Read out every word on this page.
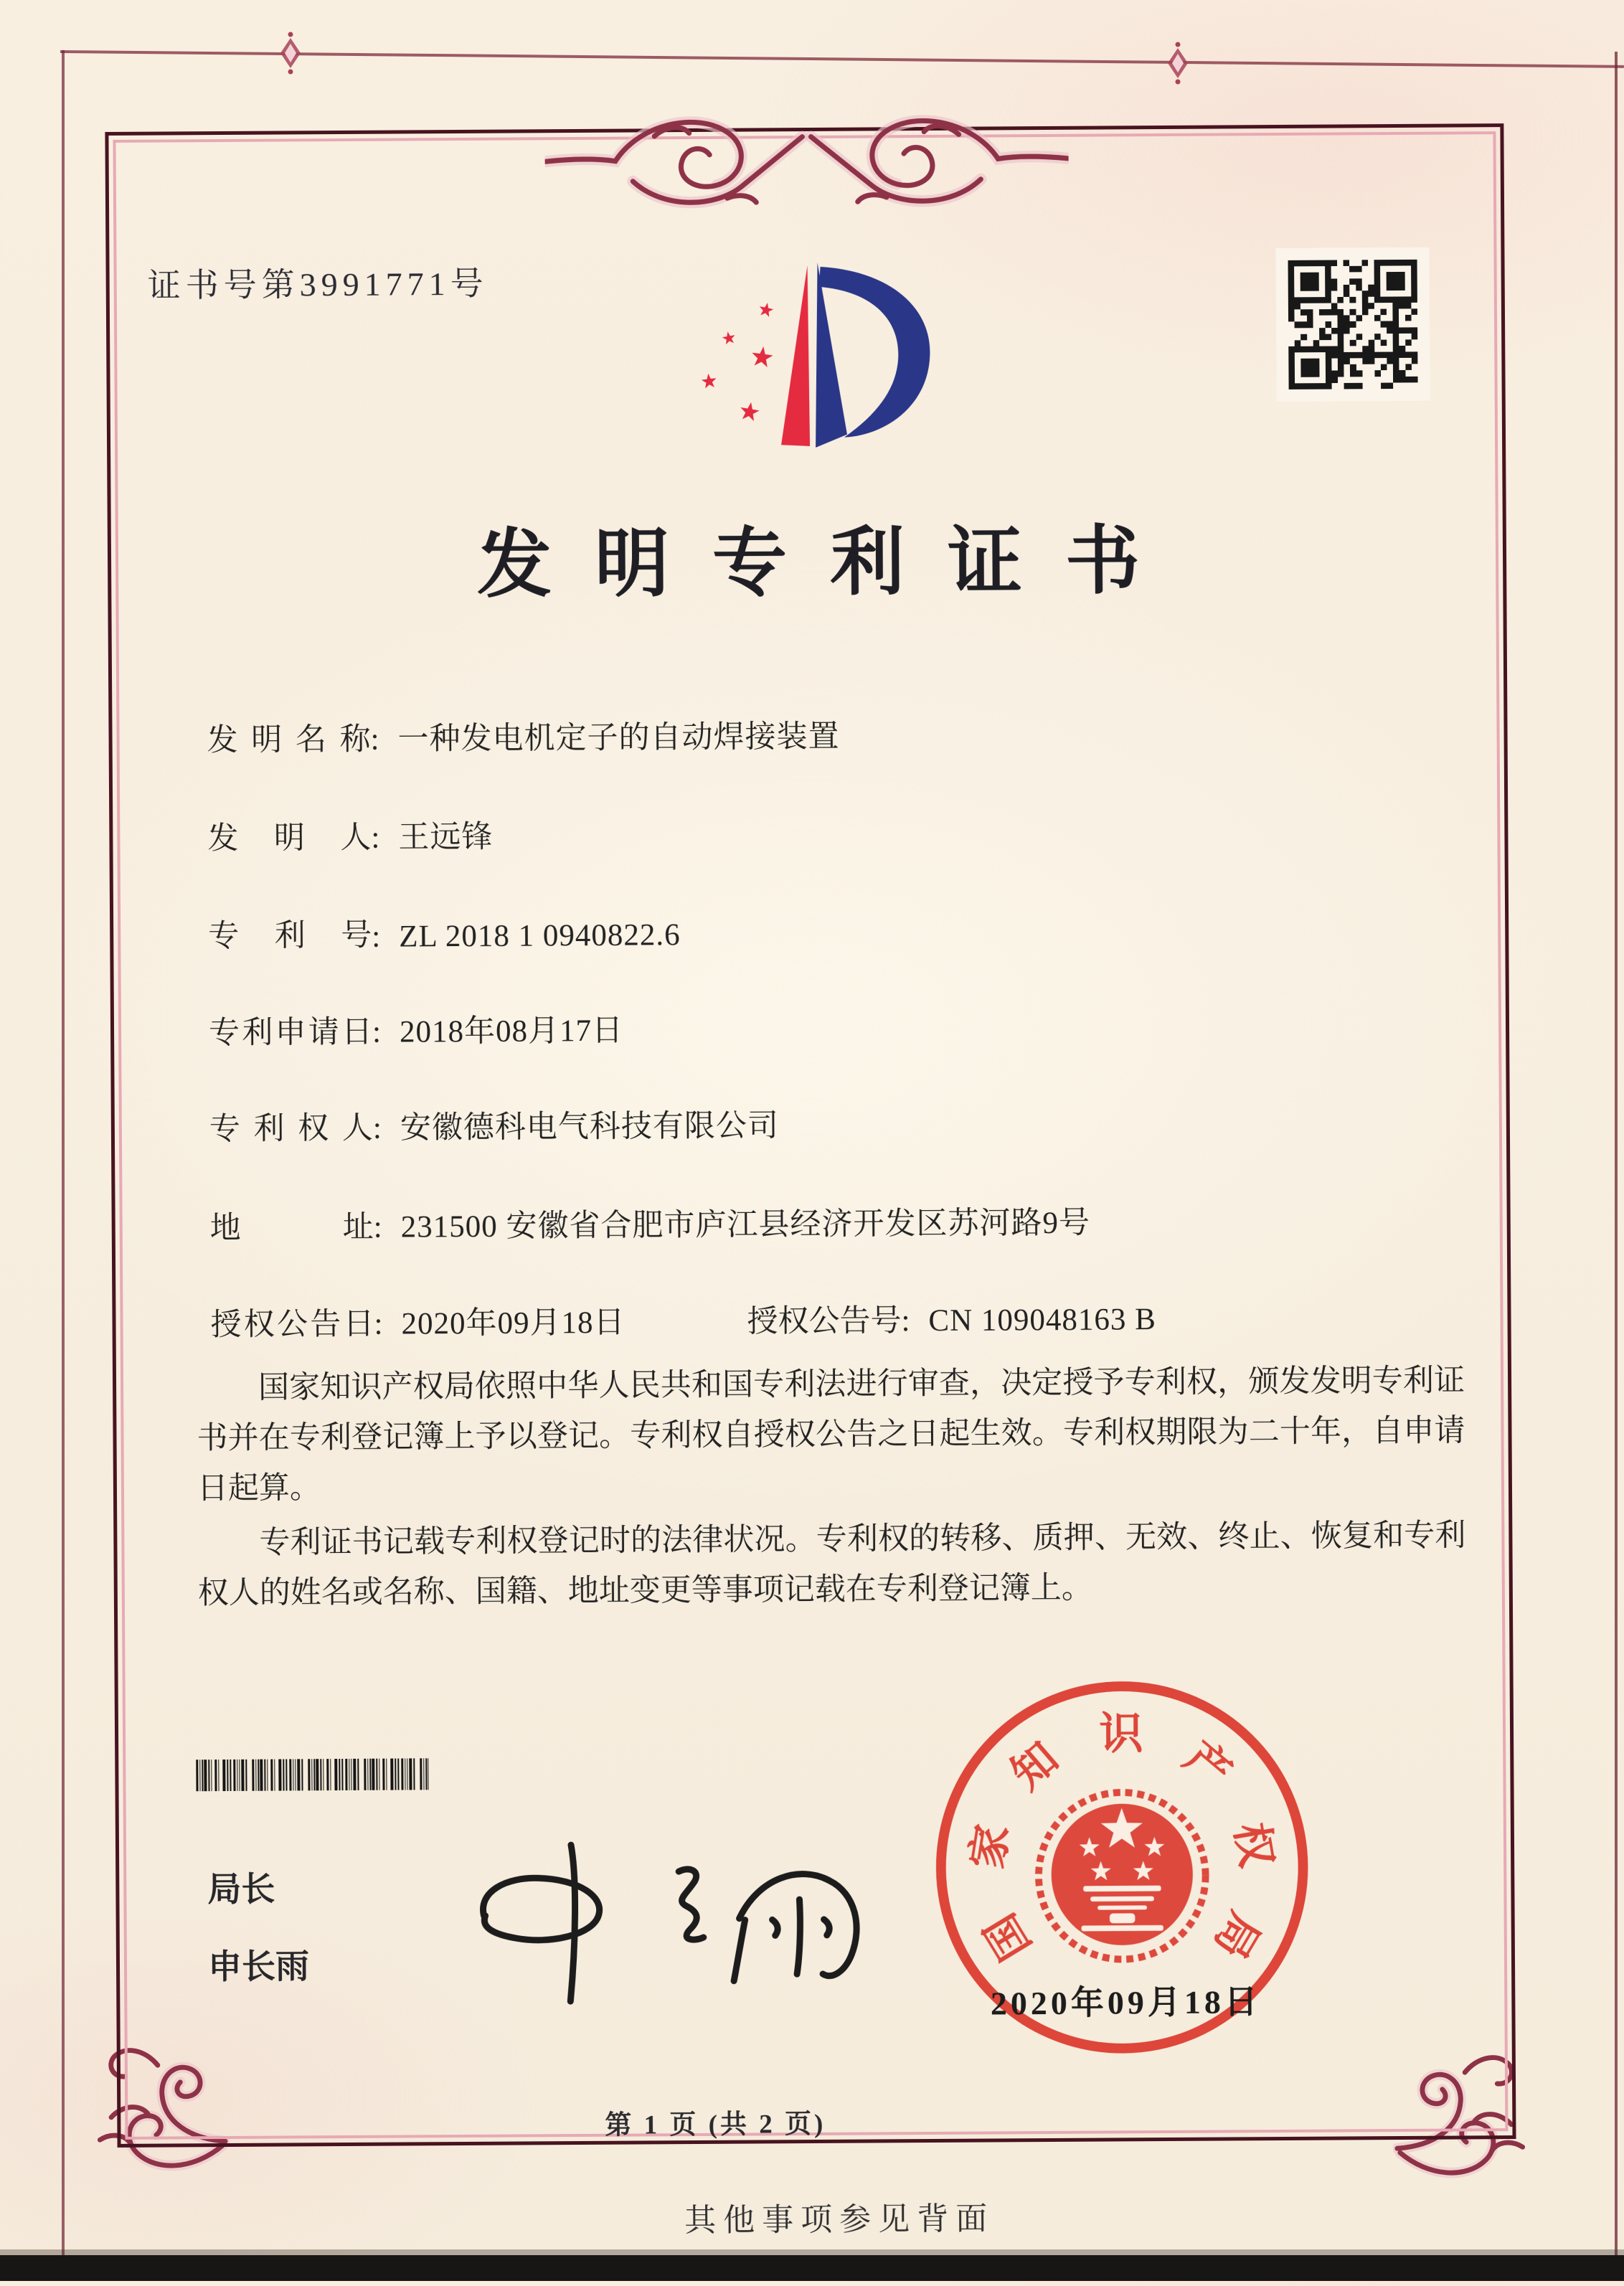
证书号第3991771号
发明专利证书
发明名称: 一种发电机定子的自动焊接装置
发明人: 王远锋
专利号: ZL 2018 1 0940822.6
专利申请日: 2018年08月17日
专利权人: 安徽德科电气科技有限公司
地址: 231500 安徽省合肥市庐江县经济开发区苏河路9号
授权公告日: 2020年09月18日	授权公告号: CN 109048163 B

国家知识产权局依照中华人民共和国专利法进行审查，决定授予专利权，颁发发明专利证书并在专利登记簿上予以登记。专利权自授权公告之日起生效。专利权期限为二十年，自申请日起算。

专利证书记载专利权登记时的法律状况。专利权的转移、质押、无效、终止、恢复和专利权人的姓名或名称、国籍、地址变更等事项记载在专利登记簿上。

局长
申长雨	国
家
知 识 产
权
局
2020年09月18日
第 1 页 (共 2 页)
其他事项参见背面
